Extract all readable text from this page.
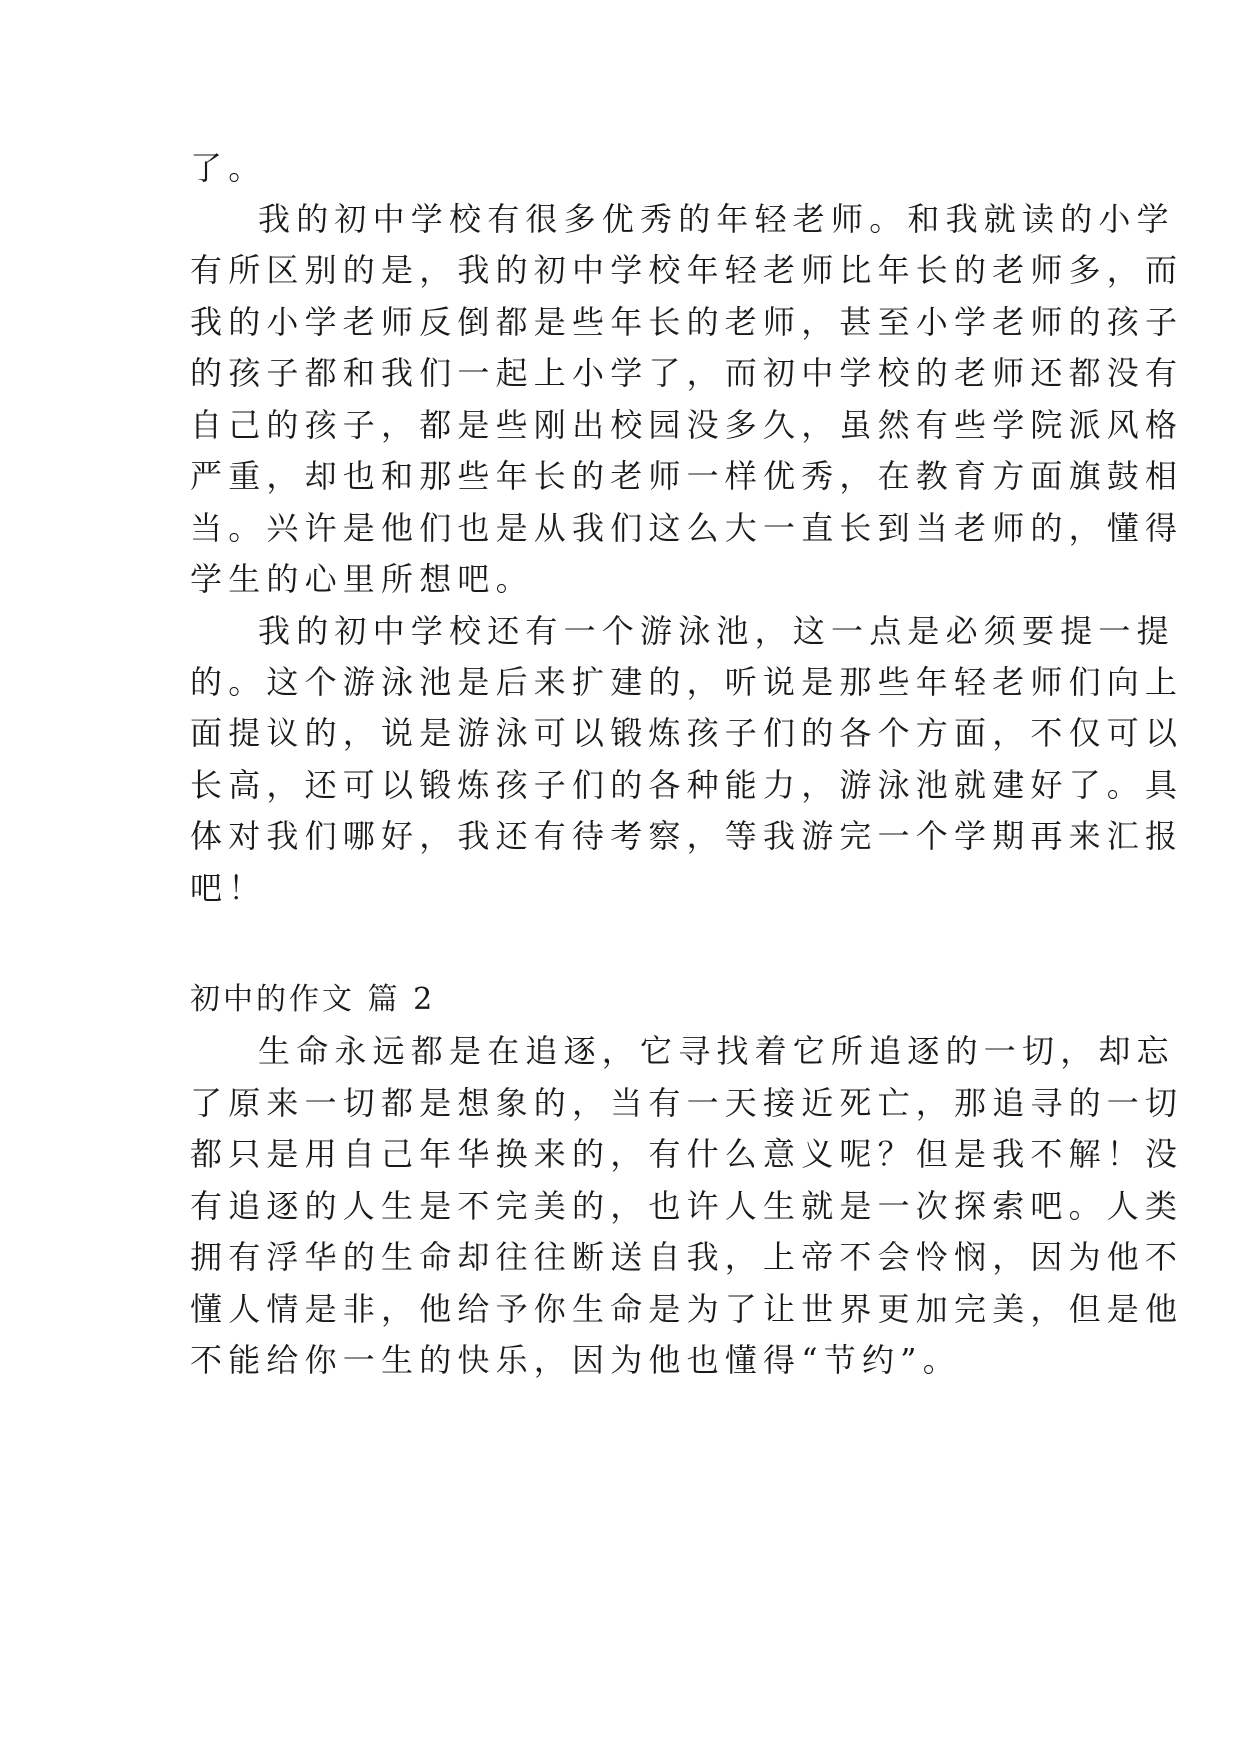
了。
我的初中学校有很多优秀的年轻老师。和我就读的小学
有所区别的是，我的初中学校年轻老师比年长的老师多，而
我的小学老师反倒都是些年长的老师，甚至小学老师的孩子
的孩子都和我们一起上小学了，而初中学校的老师还都没有
自己的孩子，都是些刚出校园没多久，虽然有些学院派风格
严重，却也和那些年长的老师一样优秀，在教育方面旗鼓相
当。兴许是他们也是从我们这么大一直长到当老师的，懂得
学生的心里所想吧。
我的初中学校还有一个游泳池，这一点是必须要提一提
的。这个游泳池是后来扩建的，听说是那些年轻老师们向上
面提议的，说是游泳可以锻炼孩子们的各个方面，不仅可以
长高，还可以锻炼孩子们的各种能力，游泳池就建好了。具
体对我们哪好，我还有待考察，等我游完一个学期再来汇报
吧！
初中的作文 篇 2
生命永远都是在追逐，它寻找着它所追逐的一切，却忘
了原来一切都是想象的，当有一天接近死亡，那追寻的一切
都只是用自己年华换来的，有什么意义呢？但是我不解！没
有追逐的人生是不完美的，也许人生就是一次探索吧。人类
拥有浮华的生命却往往断送自我，上帝不会怜悯，因为他不
懂人情是非，他给予你生命是为了让世界更加完美，但是他
不能给你一生的快乐，因为他也懂得“节约”。
